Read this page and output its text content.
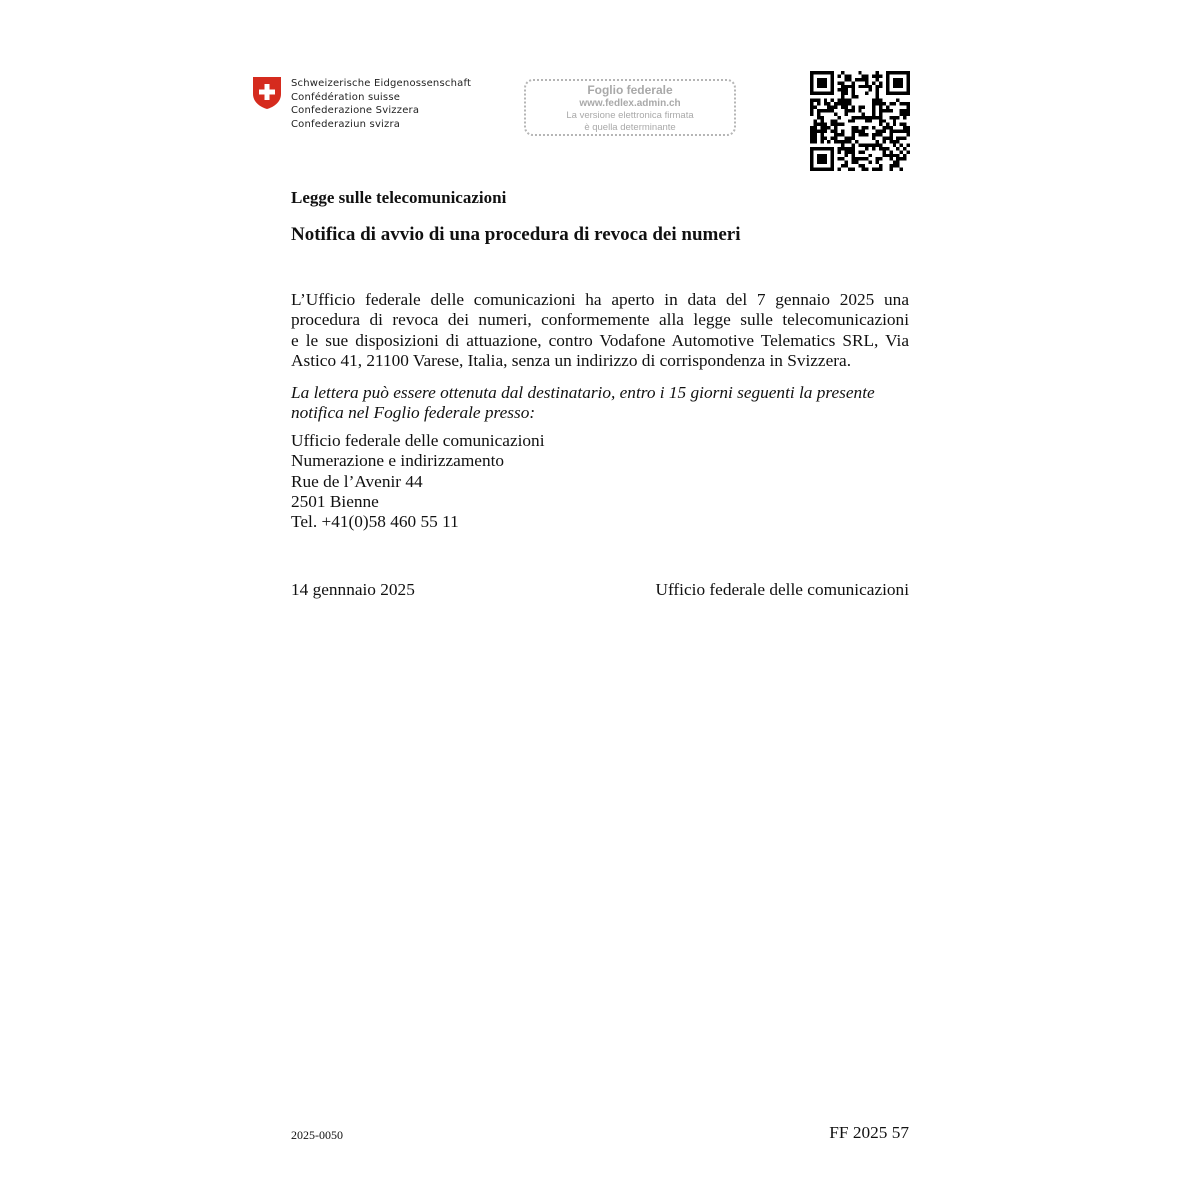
Schweizerische Eidgenossenschaft
Confédération suisse
Confederazione Svizzera
Confederaziun svizra
Foglio federale
www.fedlex.admin.ch
La versione elettronica firmata
è quella determinante
Legge sulle telecomunicazioni
Notifica di avvio di una procedura di revoca dei numeri
L’Ufficio federale delle comunicazioni ha aperto in data del 7 gennaio 2025 una
procedura di revoca dei numeri, conformemente alla legge sulle telecomunicazioni
e le sue disposizioni di attuazione, contro Vodafone Automotive Telematics SRL, Via
Astico 41, 21100 Varese, Italia, senza un indirizzo di corrispondenza in Svizzera.
La lettera può essere ottenuta dal destinatario, entro i 15 giorni seguenti la presente notifica nel Foglio federale presso:
Ufficio federale delle comunicazioni
Numerazione e indirizzamento
Rue de l’Avenir 44
2501 Bienne
Tel. +41(0)58 460 55 11
14 gennnaio 2025	Ufficio federale delle comunicazioni
2025-0050	FF 2025 57
